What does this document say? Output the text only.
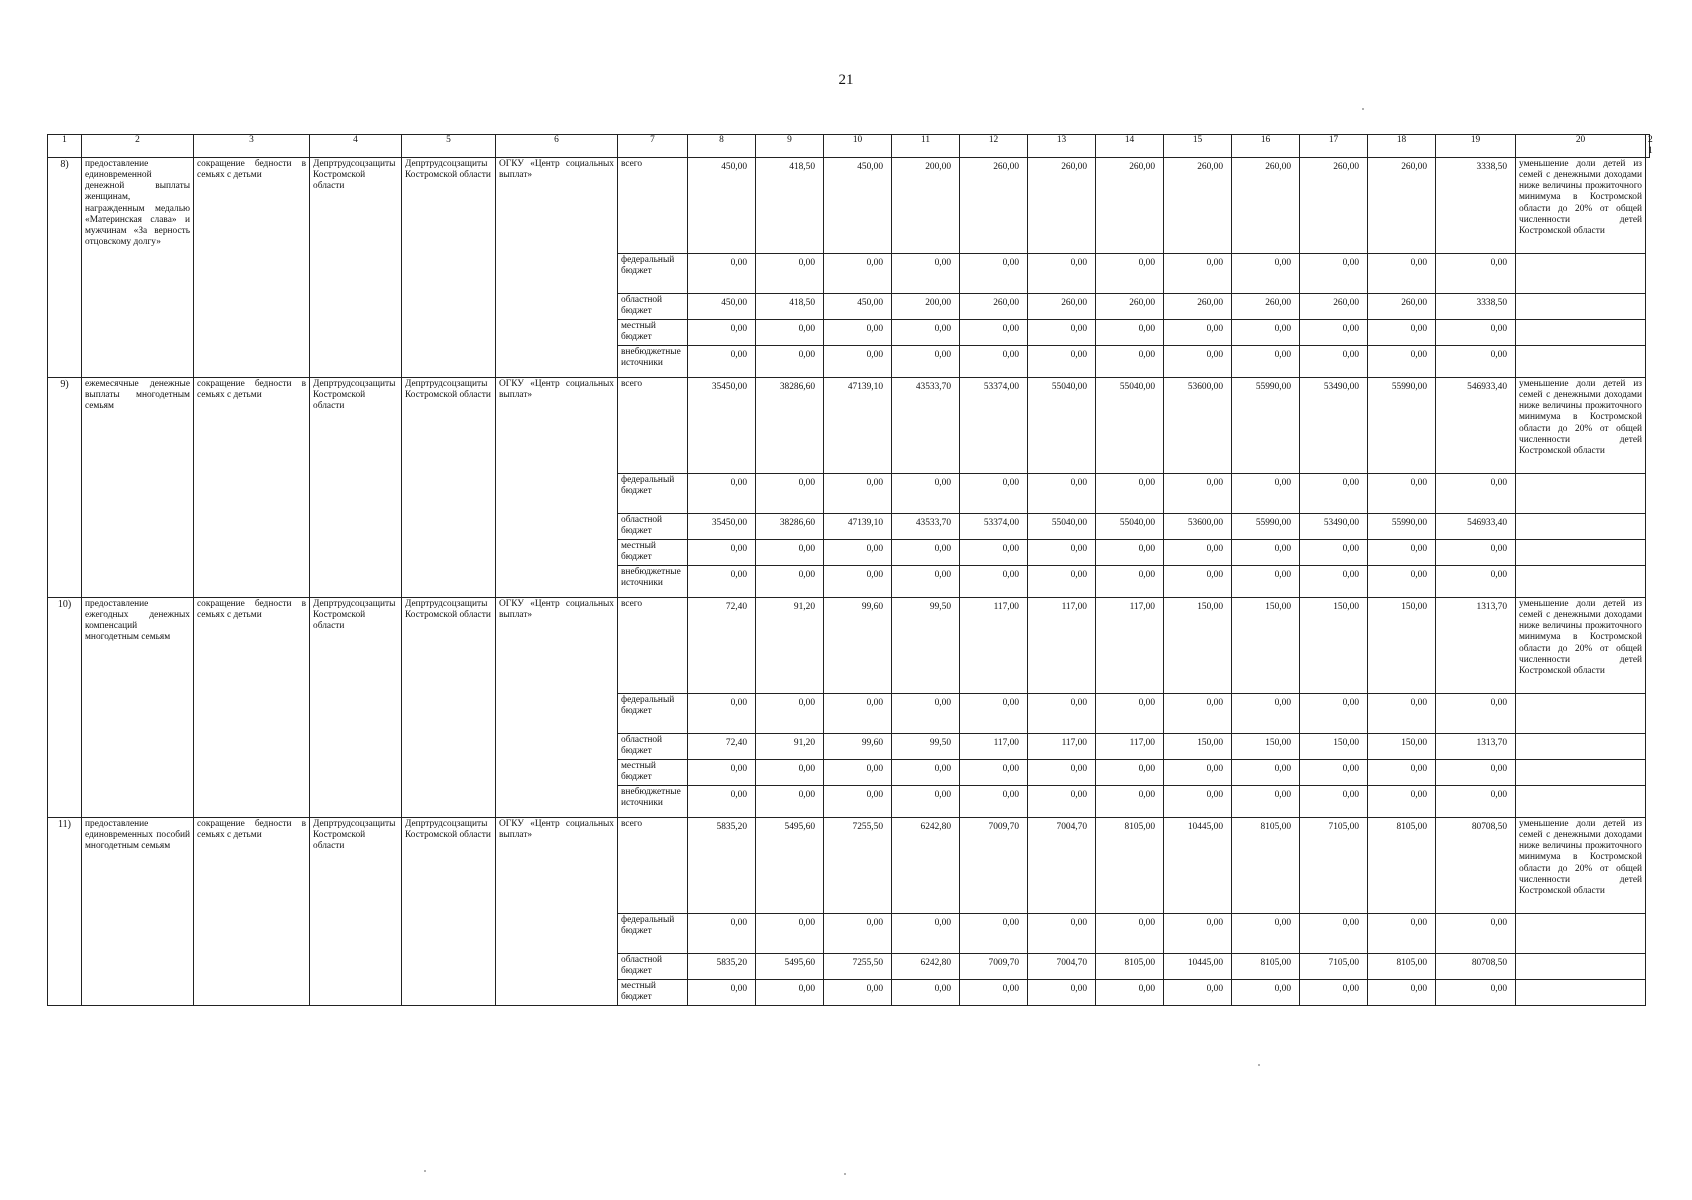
21
1	2	3	4	5	6	7	8	9	10	11	12	13	14	15	16	17	18	19	20	21
8)	предоставление единовременной денежной выплаты женщинам, награжденным медалью «Материнская слава» и мужчинам «За верность отцовскому долгу»	сокращение бедности в семьях с детьми	Депртрудсоцзащиты Костромской области	Депртрудсоцзащиты Костромской области	ОГКУ «Центр социальных выплат»	всего	450,00	418,50	450,00	200,00	260,00	260,00	260,00	260,00	260,00	260,00	260,00	3338,50	уменьшение доли детей из семей с денежными доходами ниже величины прожиточного минимума в Костромской области до 20% от общей численности детей Костромской области	
						федеральный бюджет	0,00	0,00	0,00	0,00	0,00	0,00	0,00	0,00	0,00	0,00	0,00	0,00		
						областной бюджет	450,00	418,50	450,00	200,00	260,00	260,00	260,00	260,00	260,00	260,00	260,00	3338,50		
						местный бюджет	0,00	0,00	0,00	0,00	0,00	0,00	0,00	0,00	0,00	0,00	0,00	0,00		
						внебюджетные источники	0,00	0,00	0,00	0,00	0,00	0,00	0,00	0,00	0,00	0,00	0,00	0,00		
9)	ежемесячные денежные выплаты многодетным семьям	сокращение бедности в семьях с детьми	Депртрудсоцзащиты Костромской области	Депртрудсоцзащиты Костромской области	ОГКУ «Центр социальных выплат»	всего	35450,00	38286,60	47139,10	43533,70	53374,00	55040,00	55040,00	53600,00	55990,00	53490,00	55990,00	546933,40	уменьшение доли детей из семей с денежными доходами ниже величины прожиточного минимума в Костромской области до 20% от общей численности детей Костромской области	
						федеральный бюджет	0,00	0,00	0,00	0,00	0,00	0,00	0,00	0,00	0,00	0,00	0,00	0,00		
						областной бюджет	35450,00	38286,60	47139,10	43533,70	53374,00	55040,00	55040,00	53600,00	55990,00	53490,00	55990,00	546933,40		
						местный бюджет	0,00	0,00	0,00	0,00	0,00	0,00	0,00	0,00	0,00	0,00	0,00	0,00		
						внебюджетные источники	0,00	0,00	0,00	0,00	0,00	0,00	0,00	0,00	0,00	0,00	0,00	0,00		
10)	предоставление ежегодных денежных компенсаций многодетным семьям	сокращение бедности в семьях с детьми	Депртрудсоцзащиты Костромской области	Депртрудсоцзащиты Костромской области	ОГКУ «Центр социальных выплат»	всего	72,40	91,20	99,60	99,50	117,00	117,00	117,00	150,00	150,00	150,00	150,00	1313,70	уменьшение доли детей из семей с денежными доходами ниже величины прожиточного минимума в Костромской области до 20% от общей численности детей Костромской области	
						федеральный бюджет	0,00	0,00	0,00	0,00	0,00	0,00	0,00	0,00	0,00	0,00	0,00	0,00		
						областной бюджет	72,40	91,20	99,60	99,50	117,00	117,00	117,00	150,00	150,00	150,00	150,00	1313,70		
						местный бюджет	0,00	0,00	0,00	0,00	0,00	0,00	0,00	0,00	0,00	0,00	0,00	0,00		
						внебюджетные источники	0,00	0,00	0,00	0,00	0,00	0,00	0,00	0,00	0,00	0,00	0,00	0,00		
11)	предоставление единовременных пособий многодетным семьям	сокращение бедности в семьях с детьми	Депртрудсоцзащиты Костромской области	Депртрудсоцзащиты Костромской области	ОГКУ «Центр социальных выплат»	всего	5835,20	5495,60	7255,50	6242,80	7009,70	7004,70	8105,00	10445,00	8105,00	7105,00	8105,00	80708,50	уменьшение доли детей из семей с денежными доходами ниже величины прожиточного минимума в Костромской области до 20% от общей численности детей Костромской области	
						федеральный бюджет	0,00	0,00	0,00	0,00	0,00	0,00	0,00	0,00	0,00	0,00	0,00	0,00		
						областной бюджет	5835,20	5495,60	7255,50	6242,80	7009,70	7004,70	8105,00	10445,00	8105,00	7105,00	8105,00	80708,50		
						местный бюджет	0,00	0,00	0,00	0,00	0,00	0,00	0,00	0,00	0,00	0,00	0,00	0,00		
